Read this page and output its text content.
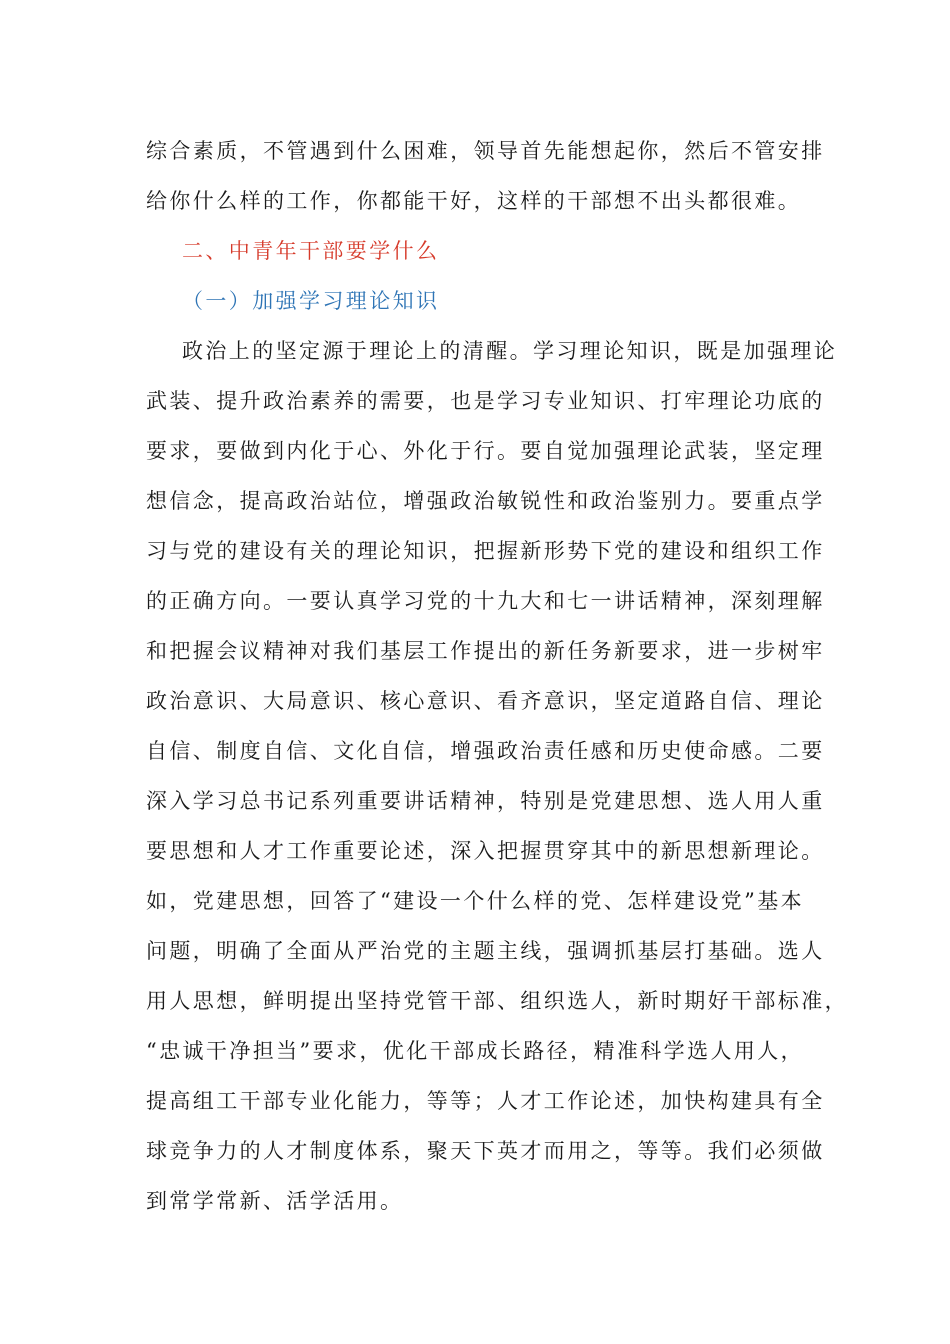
综合素质，不管遇到什么困难，领导首先能想起你，然后不管安排
给你什么样的工作，你都能干好，这样的干部想不出头都很难。
二、中青年干部要学什么
（一）加强学习理论知识
政治上的坚定源于理论上的清醒。学习理论知识，既是加强理论
武装、提升政治素养的需要，也是学习专业知识、打牢理论功底的
要求，要做到内化于心、外化于行。要自觉加强理论武装，坚定理
想信念，提高政治站位，增强政治敏锐性和政治鉴别力。要重点学
习与党的建设有关的理论知识，把握新形势下党的建设和组织工作
的正确方向。一要认真学习党的十九大和七一讲话精神，深刻理解
和把握会议精神对我们基层工作提出的新任务新要求，进一步树牢
政治意识、大局意识、核心意识、看齐意识，坚定道路自信、理论
自信、制度自信、文化自信，增强政治责任感和历史使命感。二要
深入学习总书记系列重要讲话精神，特别是党建思想、选人用人重
要思想和人才工作重要论述，深入把握贯穿其中的新思想新理论。
如，党建思想，回答了“建设一个什么样的党、怎样建设党”基本
问题，明确了全面从严治党的主题主线，强调抓基层打基础。选人
用人思想，鲜明提出坚持党管干部、组织选人，新时期好干部标准，
“忠诚干净担当”要求，优化干部成长路径，精准科学选人用人，
提高组工干部专业化能力，等等；人才工作论述，加快构建具有全
球竞争力的人才制度体系，聚天下英才而用之，等等。我们必须做
到常学常新、活学活用。
